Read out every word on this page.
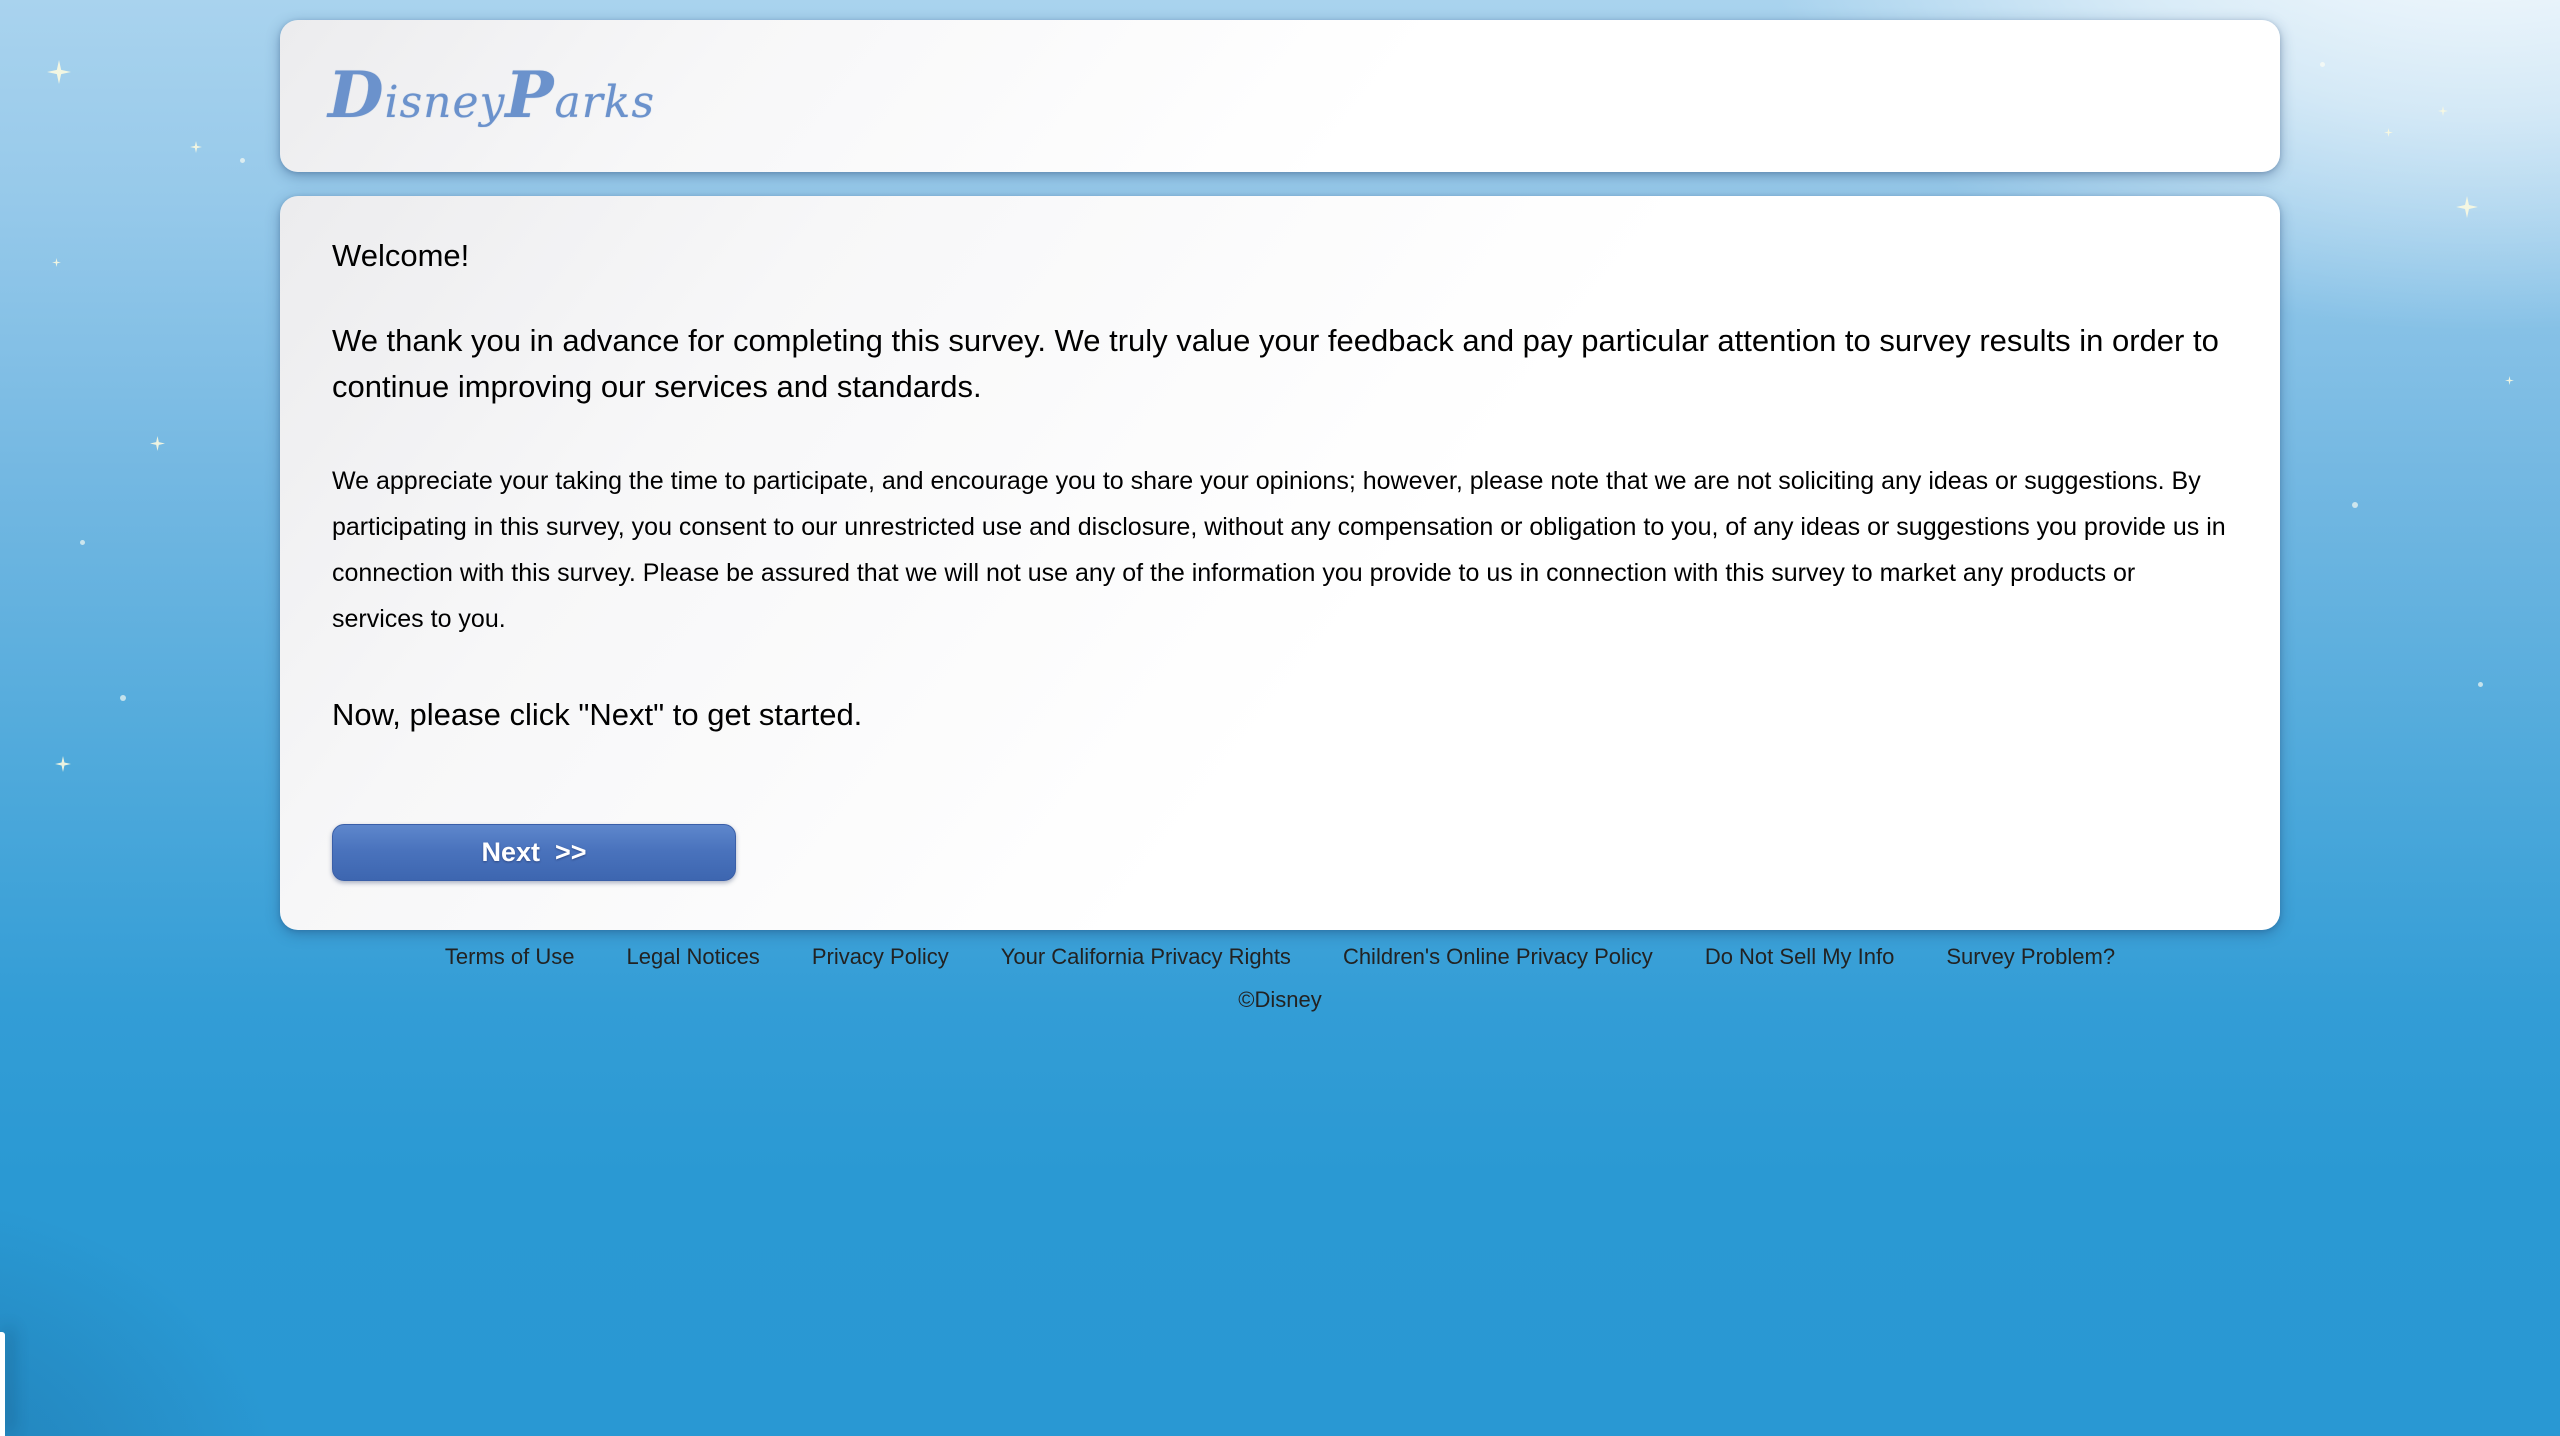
DisneyParks

Welcome!

We thank you in advance for completing this survey. We truly value your feedback and pay particular attention to survey results in order to continue improving our services and standards.

We appreciate your taking the time to participate, and encourage you to share your opinions; however, please note that we are not soliciting any ideas or suggestions. By participating in this survey, you consent to our unrestricted use and disclosure, without any compensation or obligation to you, of any ideas or suggestions you provide us in connection with this survey. Please be assured that we will not use any of the information you provide to us in connection with this survey to market any products or services to you.

Now, please click "Next" to get started.

Next  >>
Terms of Use Legal Notices Privacy Policy Your California Privacy Rights Children's Online Privacy Policy Do Not Sell My Info Survey Problem?
©Disney
